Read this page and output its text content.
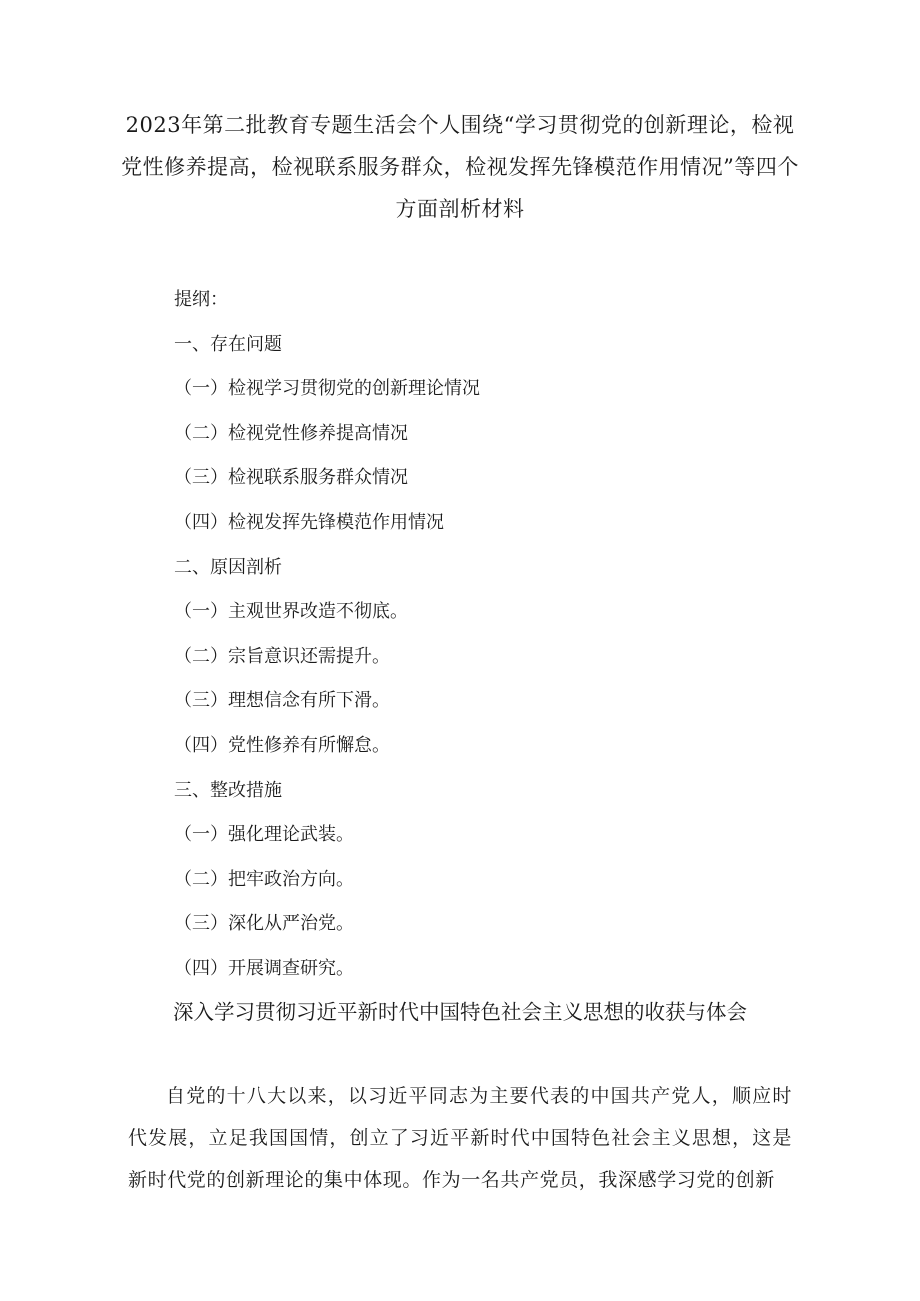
2023年第二批教育专题生活会个人围绕“学习贯彻党的创新理论，检视党性修养提高，检视联系服务群众，检视发挥先锋模范作用情况”等四个方面剖析材料
提纲：
一、存在问题
（一）检视学习贯彻党的创新理论情况
（二）检视党性修养提高情况
（三）检视联系服务群众情况
（四）检视发挥先锋模范作用情况
二、原因剖析
（一）主观世界改造不彻底。
（二）宗旨意识还需提升。
（三）理想信念有所下滑。
（四）党性修养有所懈怠。
三、整改措施
（一）强化理论武装。
（二）把牢政治方向。
（三）深化从严治党。
（四）开展调查研究。
深入学习贯彻习近平新时代中国特色社会主义思想的收获与体会

自党的十八大以来，以习近平同志为主要代表的中国共产党人，顺应时代发展，立足我国国情，创立了习近平新时代中国特色社会主义思想，这是新时代党的创新理论的集中体现。作为一名共产党员，我深感学习党的创新
